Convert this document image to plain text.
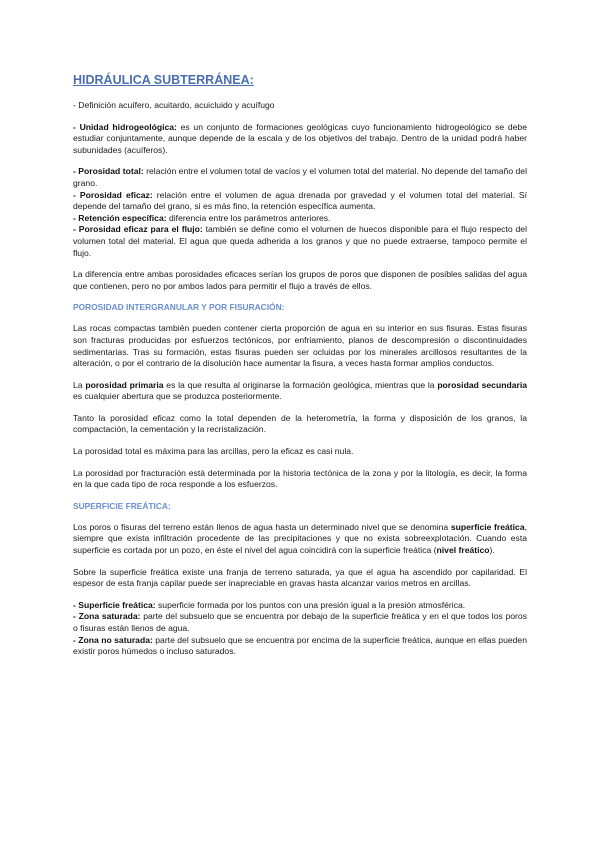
HIDRÁULICA SUBTERRÁNEA:

- Definición acuífero, acuitardo, acuicluido y acuífugo

- Unidad hidrogeológica: es un conjunto de formaciones geológicas cuyo funcionamiento hidrogeológico se debe estudiar conjuntamente, aunque depende de la escala y de los objetivos del trabajo. Dentro de la unidad podrá haber subunidades (acuíferos).

- Porosidad total: relación entre el volumen total de vacíos y el volumen total del material. No depende del tamaño del grano.

- Porosidad eficaz: relación entre el volumen de agua drenada por gravedad y el volumen total del material. Sí depende del tamaño del grano, si es más fino, la retención específica aumenta.

- Retención específica: diferencia entre los parámetros anteriores.

- Porosidad eficaz para el flujo: también se define como el volumen de huecos disponible para el flujo respecto del volumen total del material. El agua que queda adherida a los granos y que no puede extraerse, tampoco permite el flujo.

La diferencia entre ambas porosidades eficaces serían los grupos de poros que disponen de posibles salidas del agua que contienen, pero no por ambos lados para permitir el flujo a través de ellos.

POROSIDAD INTERGRANULAR Y POR FISURACIÓN:

Las rocas compactas también pueden contener cierta proporción de agua en su interior en sus fisuras. Estas fisuras son fracturas producidas por esfuerzos tectónicos, por enfriamiento, planos de descompresión o discontinuidades sedimentarias. Tras su formación, estas fisuras pueden ser ocluidas por los minerales arcillosos resultantes de la alteración, o por el contrario de la disolución hace aumentar la fisura, a veces hasta formar amplios conductos.

La porosidad primaria es la que resulta al originarse la formación geológica, mientras que la porosidad secundaria es cualquier abertura que se produzca posteriormente.

Tanto la porosidad eficaz como la total dependen de la heterometría, la forma y disposición de los granos, la compactación, la cementación y la recristalización.

La porosidad total es máxima para las arcillas, pero la eficaz es casi nula.

La porosidad por fracturación está determinada por la historia tectónica de la zona y por la litología, es decir, la forma en la que cada tipo de roca responde a los esfuerzos.

SUPERFICIE FREÁTICA:

Los poros o fisuras del terreno están llenos de agua hasta un determinado nivel que se denomina superficie freática, siempre que exista infiltración procedente de las precipitaciones y que no exista sobreexplotación. Cuando esta superficie es cortada por un pozo, en éste el nivel del agua coincidirá con la superficie freática (nivel freático).

Sobre la superficie freática existe una franja de terreno saturada, ya que el agua ha ascendido por capilaridad. El espesor de esta franja capilar puede ser inapreciable en gravas hasta alcanzar varios metros en arcillas.

- Superficie freática: superficie formada por los puntos con una presión igual a la presión atmosférica.

- Zona saturada: parte del subsuelo que se encuentra por debajo de la superficie freática y en el que todos los poros o fisuras están llenos de agua.

- Zona no saturada: parte del subsuelo que se encuentra por encima de la superficie freática, aunque en ellas pueden existir poros húmedos o incluso saturados.
